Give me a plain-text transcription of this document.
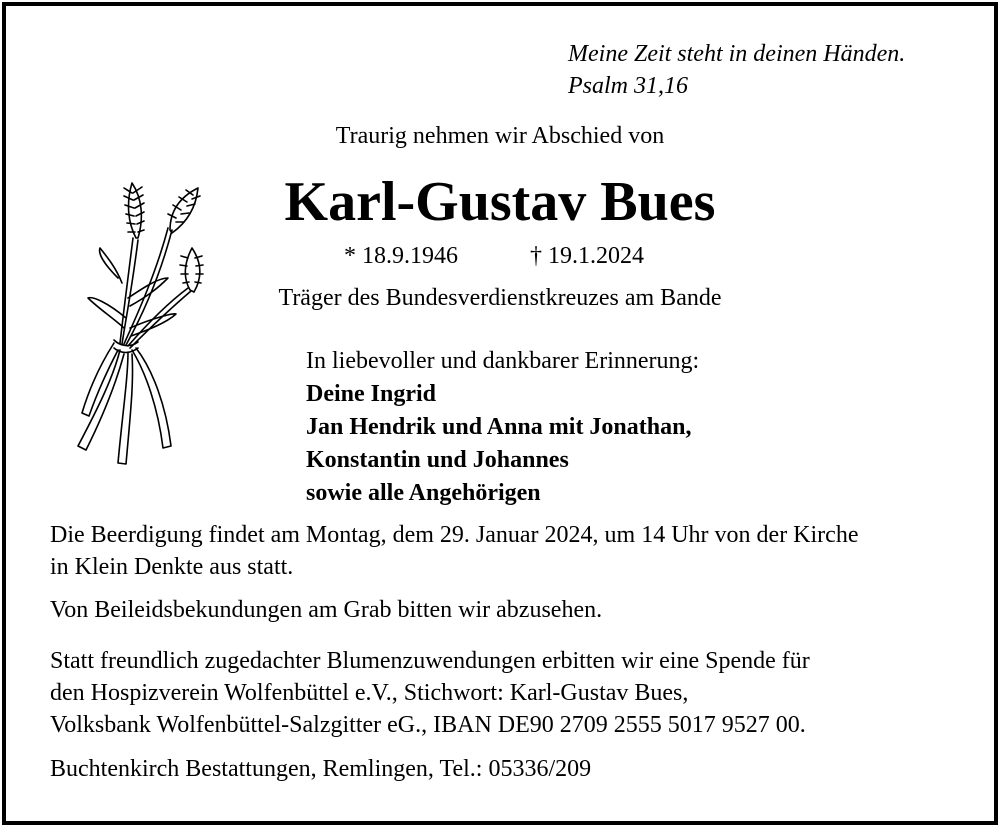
Meine Zeit steht in deinen Händen.
Psalm 31,16
Traurig nehmen wir Abschied von
Karl-Gustav Bues
* 18.9.1946	† 19.1.2024
Träger des Bundesverdienstkreuzes am Bande
In liebevoller und dankbarer Erinnerung:
Deine Ingrid
Jan Hendrik und Anna mit Jonathan,
Konstantin und Johannes
sowie alle Angehörigen
Die Beerdigung findet am Montag, dem 29. Januar 2024, um 14 Uhr von der Kirche
in Klein Denkte aus statt.
Von Beileidsbekundungen am Grab bitten wir abzusehen.
Statt freundlich zugedachter Blumenzuwendungen erbitten wir eine Spende für
den Hospizverein Wolfenbüttel e.V., Stichwort: Karl-Gustav Bues,
Volksbank Wolfenbüttel-Salzgitter eG., IBAN DE90 2709 2555 5017 9527 00.
Buchtenkirch Bestattungen, Remlingen, Tel.: 05336/209
